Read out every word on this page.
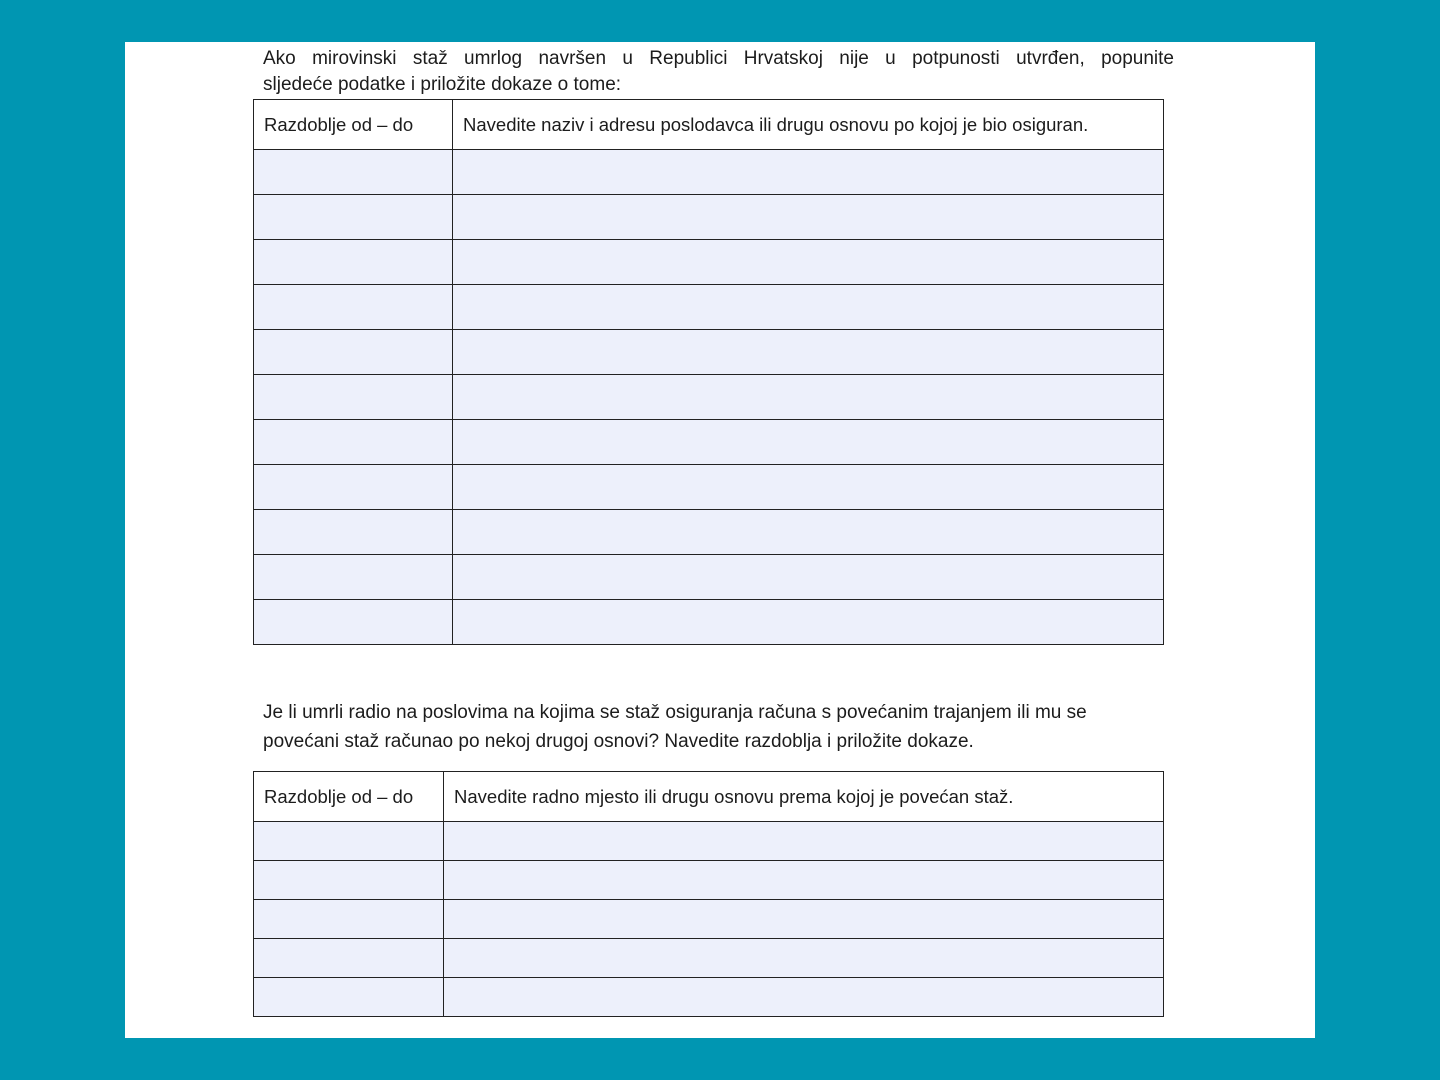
Ako mirovinski staž umrlog navršen u Republici Hrvatskoj nije u potpunosti utvrđen, popunite
sljedeće podatke i priložite dokaze o tome:
Razdoblje od – do	Navedite naziv i adresu poslodavca ili drugu osnovu po kojoj je bio osiguran.

Je li umrli radio na poslovima na kojima se staž osiguranja računa s povećanim trajanjem ili mu se
povećani staž računao po nekoj drugoj osnovi? Navedite razdoblja i priložite dokaze.
Razdoblje od – do	Navedite radno mjesto ili drugu osnovu prema kojoj je povećan staž.
